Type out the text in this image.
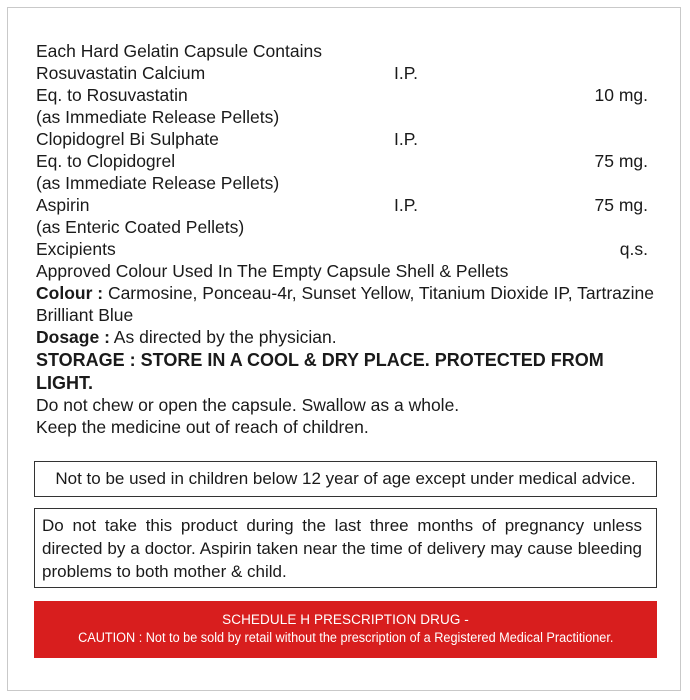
Each Hard Gelatin Capsule Contains
Rosuvastatin Calcium	I.P.
Eq. to Rosuvastatin	10 mg.
(as Immediate Release Pellets)
Clopidogrel Bi Sulphate	I.P.
Eq. to Clopidogrel	75 mg.
(as Immediate Release Pellets)
Aspirin	I.P.	75 mg.
(as Enteric Coated Pellets)
Excipients	q.s.
Approved Colour Used In The Empty Capsule Shell & Pellets
Colour : Carmosine, Ponceau-4r, Sunset Yellow, Titanium Dioxide IP, Tartrazine Brilliant Blue
Dosage : As directed by the physician.
STORAGE : STORE IN A COOL & DRY PLACE. PROTECTED FROM
LIGHT.
Do not chew or open the capsule. Swallow as a whole.
Keep the medicine out of reach of children.
Not to be used in children below 12 year of age except under medical advice.
Do not take this product during the last three months of pregnancy unless directed by a doctor. Aspirin taken near the time of delivery may cause bleeding problems to both mother & child.
SCHEDULE H PRESCRIPTION DRUG -
CAUTION : Not to be sold by retail without the prescription of a Registered Medical Practitioner.
